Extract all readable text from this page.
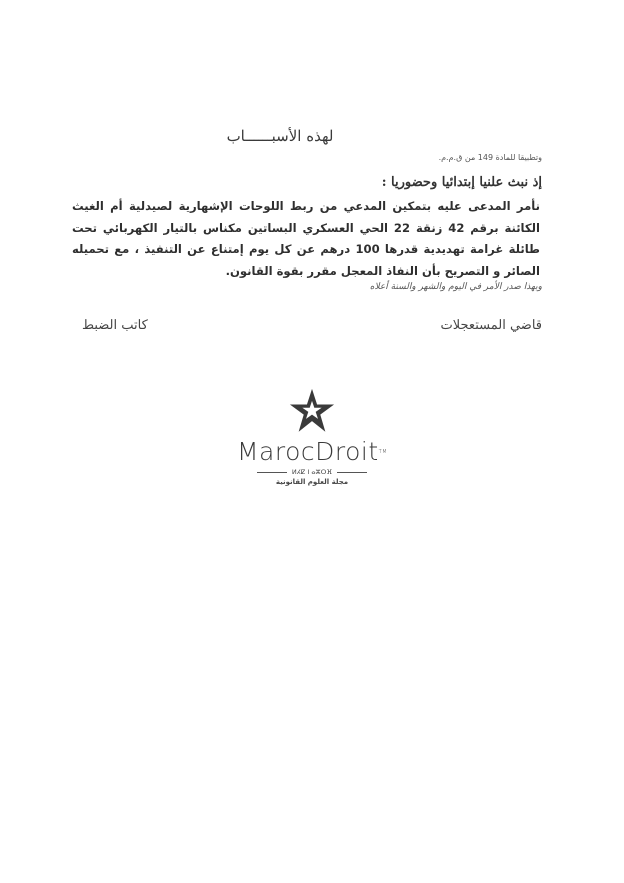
لهذه الأسبــــــاب
وتطبيقا للمادة 149 من ق.م.م.
إذ نبث علنيا إبتدائيا وحضوريا :
نأمر المدعى عليه بتمكين المدعي من ربط اللوحات الإشهارية لصيدلية أم الغيث الكائنة برقم 42 زنقة 22 الحي العسكري البساتين مكناس بالتيار الكهربائي تحت طائلة غرامة تهديدية قدرها 100 درهم عن كل يوم إمتناع عن التنفيذ ، مع تحميله الصائر و التصريح بأن النفاذ المعجل مقرر بقوة القانون.
وبهذا صدر الأمر في اليوم والشهر والسنة أعلاه
قاضي المستعجلات
كاتب الضبط
MarocDroit™
ⵍⵃⵇ ⵏ ⴰⵣⵔⴼ
مجلة العلوم القانونية
